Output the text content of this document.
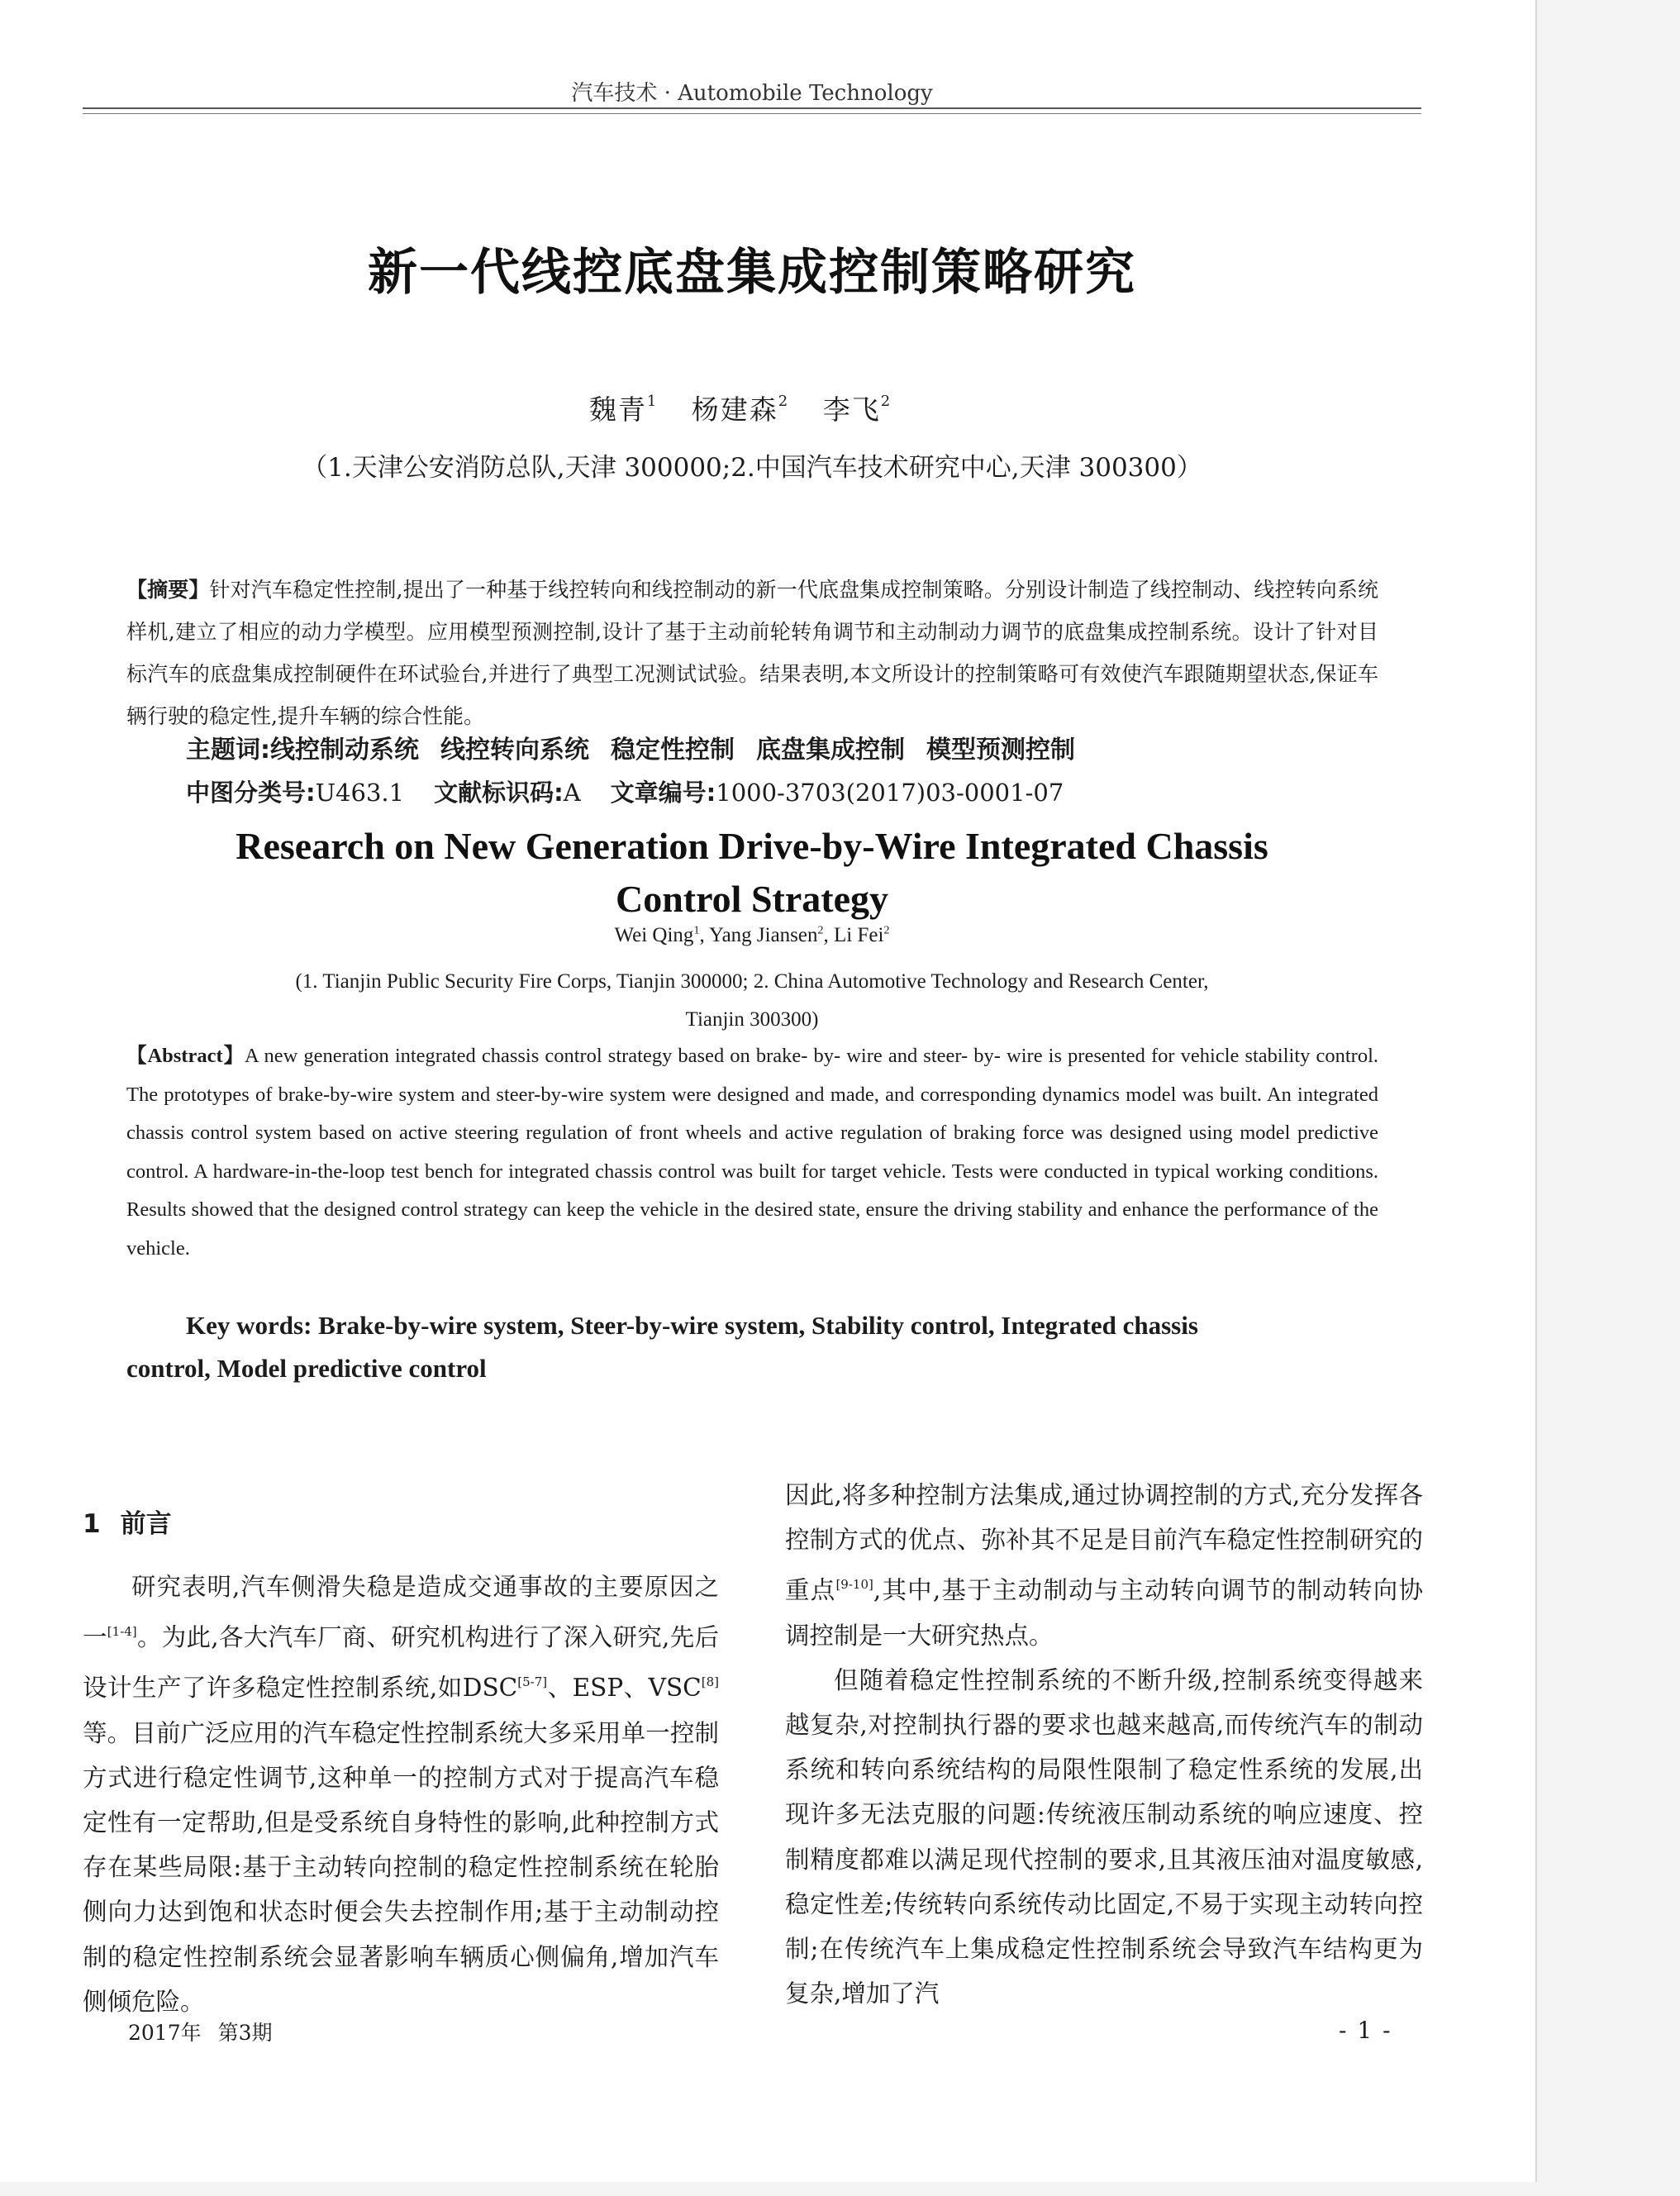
汽车技术 · Automobile Technology
新一代线控底盘集成控制策略研究
魏青$^1$ 杨建森$^2$ 李飞$^2$
（1.天津公安消防总队,天津 300000;2.中国汽车技术研究中心,天津 300300）
【摘要】针对汽车稳定性控制,提出了一种基于线控转向和线控制动的新一代底盘集成控制策略。分别设计制造了线控制动、线控转向系统样机,建立了相应的动力学模型。应用模型预测控制,设计了基于主动前轮转角调节和主动制动力调节的底盘集成控制系统。设计了针对目标汽车的底盘集成控制硬件在环试验台,并进行了典型工况测试试验。结果表明,本文所设计的控制策略可有效使汽车跟随期望状态,保证车辆行驶的稳定性,提升车辆的综合性能。
主题词:线控制动系统 线控转向系统 稳定性控制 底盘集成控制 模型预测控制
中图分类号:U463.1 文献标识码:A 文章编号:1000-3703(2017)03-0001-07
Research on New Generation Drive-by-Wire Integrated Chassis
Control Strategy
Wei Qing$^1$, Yang Jiansen$^2$, Li Fei$^2$
(1. Tianjin Public Security Fire Corps, Tianjin 300000; 2. China Automotive Technology and Research Center,
Tianjin 300300)
【Abstract】A new generation integrated chassis control strategy based on brake- by- wire and steer- by- wire is presented for vehicle stability control. The prototypes of brake-by-wire system and steer-by-wire system were designed and made, and corresponding dynamics model was built. An integrated chassis control system based on active steering regulation of front wheels and active regulation of braking force was designed using model predictive control. A hardware-in-the-loop test bench for integrated chassis control was built for target vehicle. Tests were conducted in typical working conditions. Results showed that the designed control strategy can keep the vehicle in the desired state, ensure the driving stability and enhance the performance of the vehicle.
Key words: Brake-by-wire system, Steer-by-wire system, Stability control, Integrated chassis
control, Model predictive control
1 前言

研究表明,汽车侧滑失稳是造成交通事故的主要原因之一[1-4]。为此,各大汽车厂商、研究机构进行了深入研究,先后设计生产了许多稳定性控制系统,如DSC[5-7]、ESP、VSC[8]等。目前广泛应用的汽车稳定性控制系统大多采用单一控制方式进行稳定性调节,这种单一的控制方式对于提高汽车稳定性有一定帮助,但是受系统自身特性的影响,此种控制方式存在某些局限:基于主动转向控制的稳定性控制系统在轮胎侧向力达到饱和状态时便会失去控制作用;基于主动制动控制的稳定性控制系统会显著影响车辆质心侧偏角,增加汽车侧倾危险。

因此,将多种控制方法集成,通过协调控制的方式,充分发挥各控制方式的优点、弥补其不足是目前汽车稳定性控制研究的重点[9-10],其中,基于主动制动与主动转向调节的制动转向协调控制是一大研究热点。

但随着稳定性控制系统的不断升级,控制系统变得越来越复杂,对控制执行器的要求也越来越高,而传统汽车的制动系统和转向系统结构的局限性限制了稳定性系统的发展,出现许多无法克服的问题:传统液压制动系统的响应速度、控制精度都难以满足现代控制的要求,且其液压油对温度敏感,稳定性差;传统转向系统传动比固定,不易于实现主动转向控制;在传统汽车上集成稳定性控制系统会导致汽车结构更为复杂,增加了汽

2017年 第3期	- 1 -
